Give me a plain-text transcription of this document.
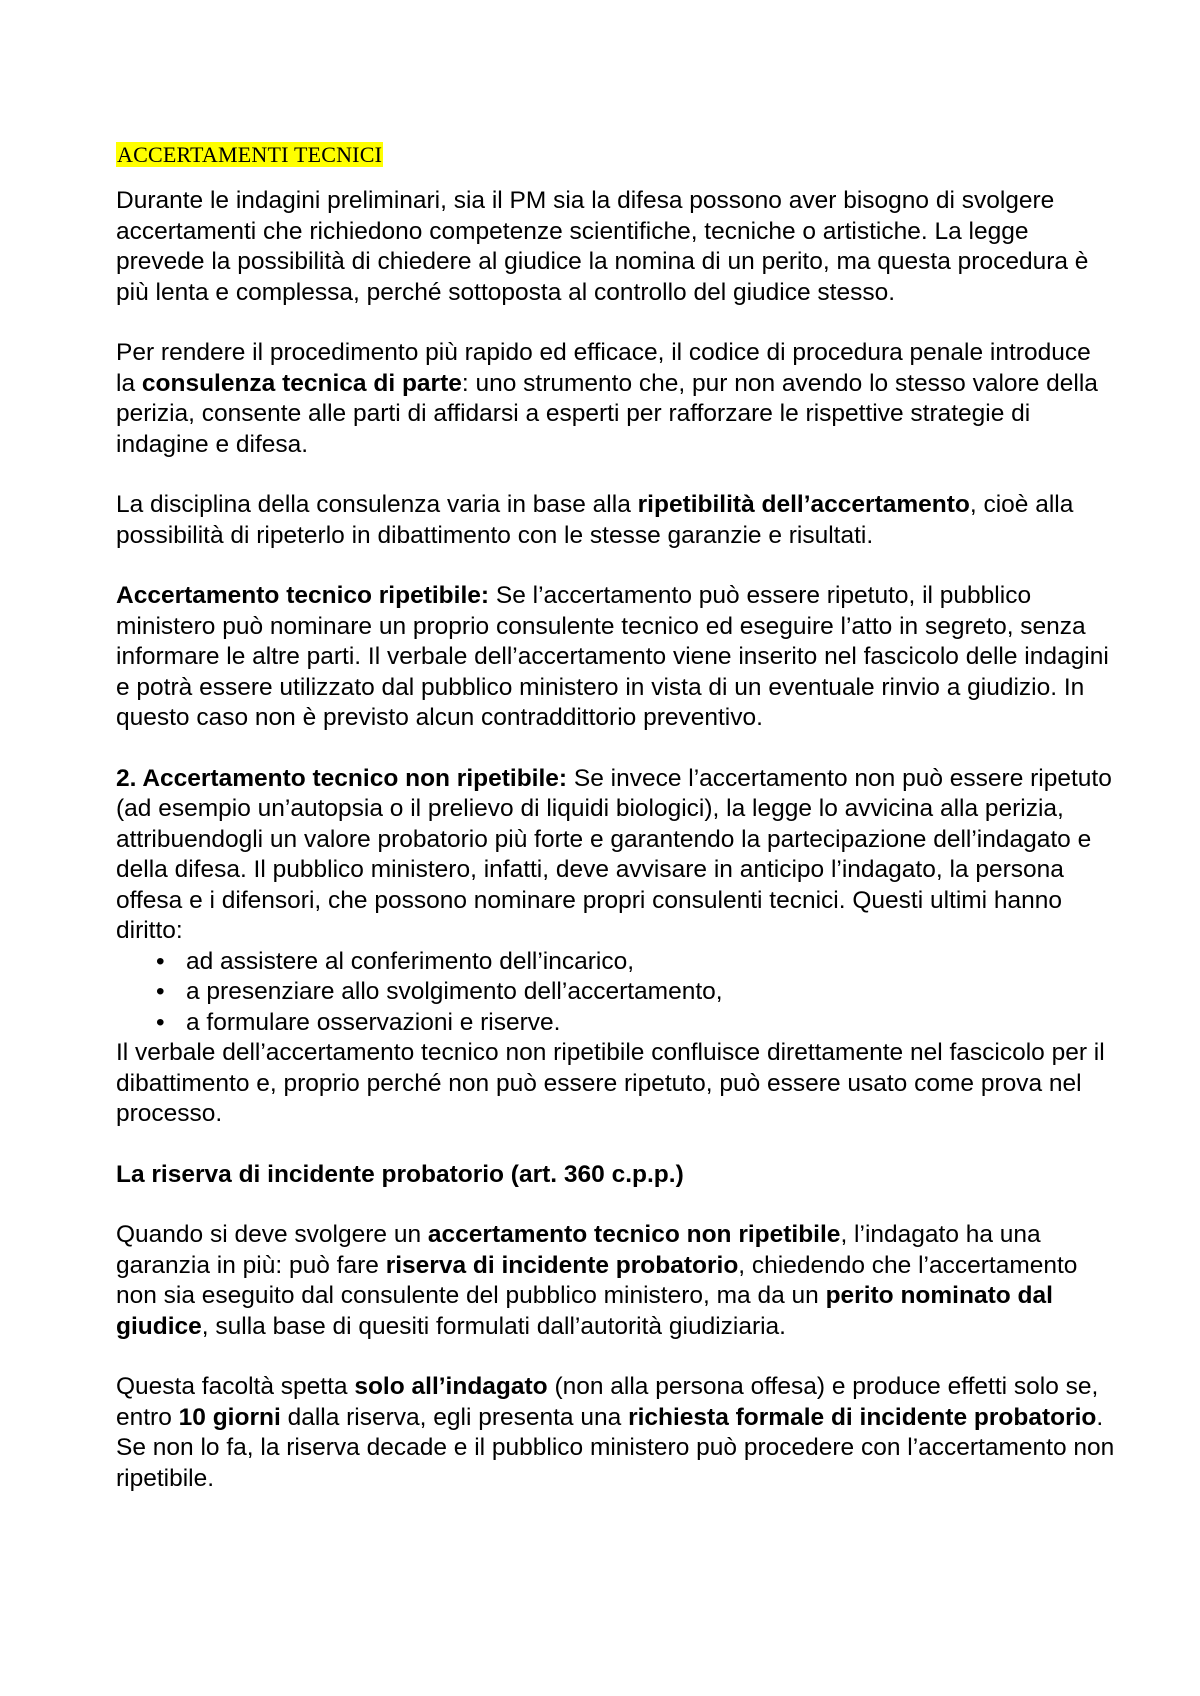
ACCERTAMENTI TECNICI

Durante le indagini preliminari, sia il PM sia la difesa possono aver bisogno di svolgere accertamenti che richiedono competenze scientifiche, tecniche o artistiche. La legge prevede la possibilità di chiedere al giudice la nomina di un perito, ma questa procedura è più lenta e complessa, perché sottoposta al controllo del giudice stesso.

Per rendere il procedimento più rapido ed efficace, il codice di procedura penale introduce la consulenza tecnica di parte: uno strumento che, pur non avendo lo stesso valore della perizia, consente alle parti di affidarsi a esperti per rafforzare le rispettive strategie di indagine e difesa.

La disciplina della consulenza varia in base alla ripetibilità dell’accertamento, cioè alla possibilità di ripeterlo in dibattimento con le stesse garanzie e risultati.

Accertamento tecnico ripetibile: Se l’accertamento può essere ripetuto, il pubblico ministero può nominare un proprio consulente tecnico ed eseguire l’atto in segreto, senza informare le altre parti. Il verbale dell’accertamento viene inserito nel fascicolo delle indagini e potrà essere utilizzato dal pubblico ministero in vista di un eventuale rinvio a giudizio. In questo caso non è previsto alcun contraddittorio preventivo.

2. Accertamento tecnico non ripetibile: Se invece l’accertamento non può essere ripetuto (ad esempio un’autopsia o il prelievo di liquidi biologici), la legge lo avvicina alla perizia, attribuendogli un valore probatorio più forte e garantendo la partecipazione dell’indagato e della difesa. Il pubblico ministero, infatti, deve avvisare in anticipo l’indagato, la persona offesa e i difensori, che possono nominare propri consulenti tecnici. Questi ultimi hanno diritto:

• ad assistere al conferimento dell’incarico,
• a presenziare allo svolgimento dell’accertamento,
• a formulare osservazioni e riserve.

Il verbale dell’accertamento tecnico non ripetibile confluisce direttamente nel fascicolo per il dibattimento e, proprio perché non può essere ripetuto, può essere usato come prova nel processo.

La riserva di incidente probatorio (art. 360 c.p.p.)

Quando si deve svolgere un accertamento tecnico non ripetibile, l’indagato ha una garanzia in più: può fare riserva di incidente probatorio, chiedendo che l’accertamento non sia eseguito dal consulente del pubblico ministero, ma da un perito nominato dal giudice, sulla base di quesiti formulati dall’autorità giudiziaria.

Questa facoltà spetta solo all’indagato (non alla persona offesa) e produce effetti solo se, entro 10 giorni dalla riserva, egli presenta una richiesta formale di incidente probatorio. Se non lo fa, la riserva decade e il pubblico ministero può procedere con l’accertamento non ripetibile.
